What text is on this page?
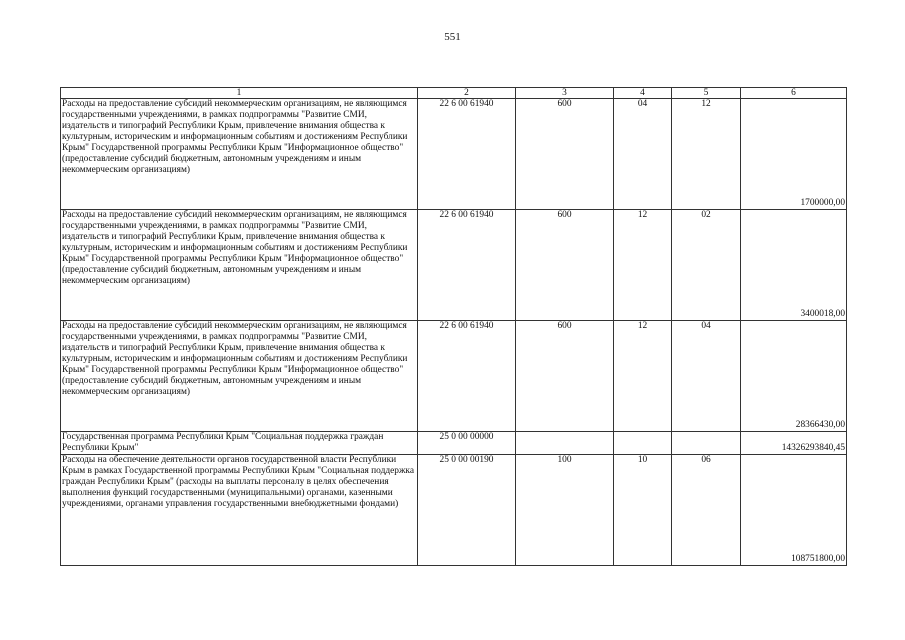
551
1	2	3	4	5	6
Расходы на предоставление субсидий некоммерческим организациям, не являющимся государственными учреждениями, в рамках подпрограммы "Развитие СМИ, издательств и типографий Республики Крым, привлечение внимания общества к культурным, историческим и информационным событиям и достижениям Республики Крым" Государственной программы Республики Крым "Информационное общество" (предоставление субсидий бюджетным, автономным учреждениям и иным некоммерческим организациям)	22 6 00 61940	600	04	12	1700000,00
Расходы на предоставление субсидий некоммерческим организациям, не являющимся государственными учреждениями, в рамках подпрограммы "Развитие СМИ, издательств и типографий Республики Крым, привлечение внимания общества к культурным, историческим и информационным событиям и достижениям Республики Крым" Государственной программы Республики Крым "Информационное общество" (предоставление субсидий бюджетным, автономным учреждениям и иным некоммерческим организациям)	22 6 00 61940	600	12	02	3400018,00
Расходы на предоставление субсидий некоммерческим организациям, не являющимся государственными учреждениями, в рамках подпрограммы "Развитие СМИ, издательств и типографий Республики Крым, привлечение внимания общества к культурным, историческим и информационным событиям и достижениям Республики Крым" Государственной программы Республики Крым "Информационное общество" (предоставление субсидий бюджетным, автономным учреждениям и иным некоммерческим организациям)	22 6 00 61940	600	12	04	28366430,00
Государственная программа Республики Крым "Социальная поддержка граждан Республики Крым"	25 0 00 00000				14326293840,45
Расходы на обеспечение деятельности органов государственной власти Республики Крым в рамках Государственной программы Республики Крым "Социальная поддержка граждан Республики Крым" (расходы на выплаты персоналу в целях обеспечения выполнения функций государственными (муниципальными) органами, казенными учреждениями, органами управления государственными внебюджетными фондами)	25 0 00 00190	100	10	06	108751800,00
